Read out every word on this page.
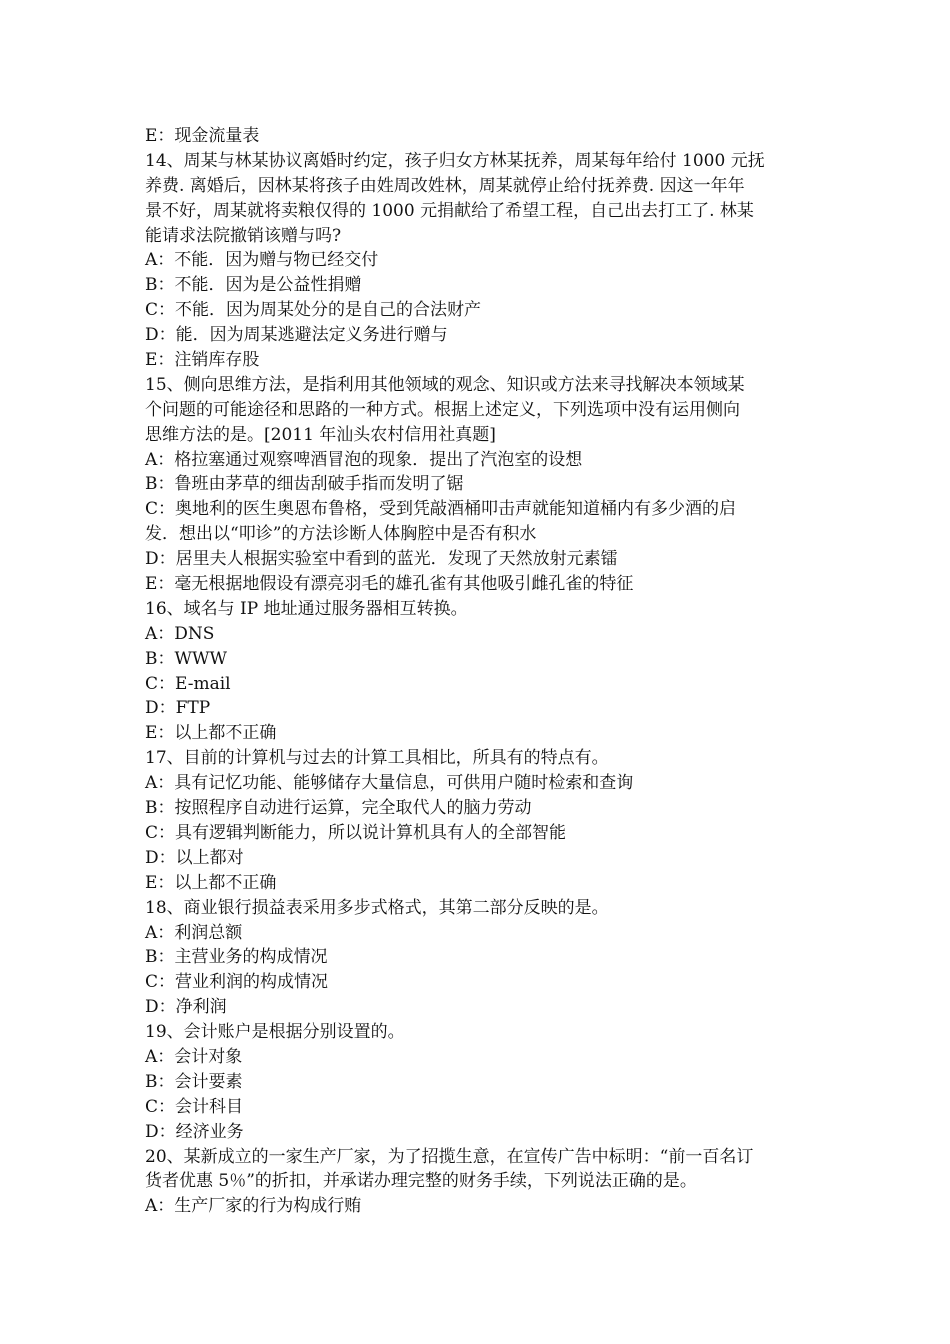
E：现金流量表
14、周某与林某协议离婚时约定，孩子归女方林某抚养，周某每年给付 1000 元抚
养费. 离婚后，因林某将孩子由姓周改姓林，周某就停止给付抚养费. 因这一年年
景不好，周某就将卖粮仅得的 1000 元捐献给了希望工程，自己出去打工了. 林某
能请求法院撤销该赠与吗?
A：不能．因为赠与物已经交付
B：不能．因为是公益性捐赠
C：不能．因为周某处分的是自己的合法财产
D：能．因为周某逃避法定义务进行赠与
E：注销库存股
15、侧向思维方法，是指利用其他领域的观念、知识或方法来寻找解决本领域某
个问题的可能途径和思路的一种方式。根据上述定义，下列选项中没有运用侧向
思维方法的是。[2011 年汕头农村信用社真题]
A：格拉塞通过观察啤酒冒泡的现象．提出了汽泡室的设想
B：鲁班由茅草的细齿刮破手指而发明了锯
C：奥地利的医生奥恩布鲁格，受到凭敲酒桶叩击声就能知道桶内有多少酒的启
发．想出以“叩诊”的方法诊断人体胸腔中是否有积水
D：居里夫人根据实验室中看到的蓝光．发现了天然放射元素镭
E：毫无根据地假设有漂亮羽毛的雄孔雀有其他吸引雌孔雀的特征
16、域名与 IP 地址通过服务器相互转换。
A：DNS
B：WWW
C：E-mail
D：FTP
E：以上都不正确
17、目前的计算机与过去的计算工具相比，所具有的特点有。
A：具有记忆功能、能够储存大量信息，可供用户随时检索和查询
B：按照程序自动进行运算，完全取代人的脑力劳动
C：具有逻辑判断能力，所以说计算机具有人的全部智能
D：以上都对
E：以上都不正确
18、商业银行损益表采用多步式格式，其第二部分反映的是。
A：利润总额
B：主营业务的构成情况
C：营业利润的构成情况
D：净利润
19、会计账户是根据分别设置的。
A：会计对象
B：会计要素
C：会计科目
D：经济业务
20、某新成立的一家生产厂家，为了招揽生意，在宣传广告中标明：“前一百名订
货者优惠 5％”的折扣，并承诺办理完整的财务手续，下列说法正确的是。
A：生产厂家的行为构成行贿
